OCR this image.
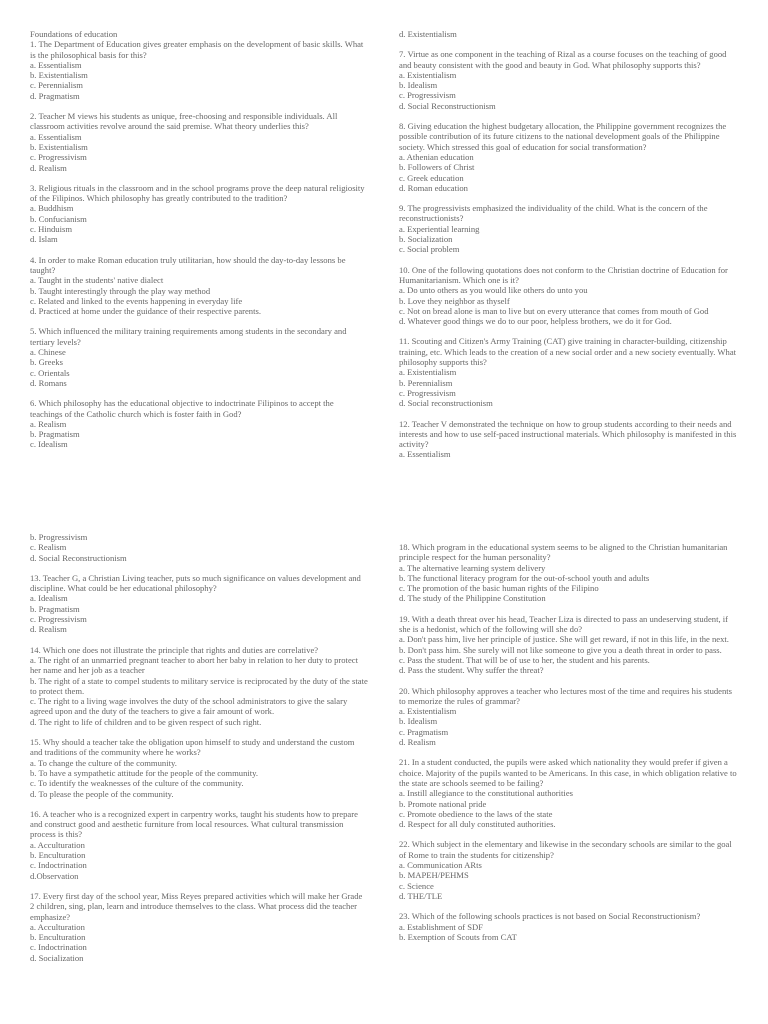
Foundations of education

1. The Department of Education gives greater emphasis on the development of basic skills. What is the philosophical basis for this?

a. Essentialism

b. Existentialism

c. Perennialism

d. Pragmatism

2. Teacher M views his students as unique, free-choosing and responsible individuals. All classroom activities revolve around the said premise. What theory underlies this?

a. Essentialism

b. Existentialism

c. Progressivism

d. Realism

3. Religious rituals in the classroom and in the school programs prove the deep natural religiosity of the Filipinos. Which philosophy has greatly contributed to the tradition?

a. Buddhism

b. Confucianism

c. Hinduism

d. Islam

4. In order to make Roman education truly utilitarian, how should the day-to-day lessons be taught?

a. Taught in the students' native dialect

b. Taught interestingly through the play way method

c. Related and linked to the events happening in everyday life

d. Practiced at home under the guidance of their respective parents.

5. Which influenced the military training requirements among students in the secondary and tertiary levels?

a. Chinese

b. Greeks

c. Orientals

d. Romans

6. Which philosophy has the educational objective to indoctrinate Filipinos to accept the teachings of the Catholic church which is foster faith in God?

a. Realism

b. Pragmatism

c. Idealism

d. Existentialism

7. Virtue as one component in the teaching of Rizal as a course focuses on the teaching of good and beauty consistent with the good and beauty in God. What philosophy supports this?

a. Existentialism

b. Idealism

c. Progressivism

d. Social Reconstructionism

8. Giving education the highest budgetary allocation, the Philippine government recognizes the possible contribution of its future citizens to the national development goals of the Philippine society. Which stressed this goal of education for social transformation?

a. Athenian education

b. Followers of Christ

c. Greek education

d. Roman education

9. The progressivists emphasized the individuality of the child. What is the concern of the reconstructionists?

a. Experiential learning

b. Socialization

c. Social problem

10. One of the following quotations does not conform to the Christian doctrine of Education for Humanitarianism. Which one is it?

a. Do unto others as you would like others do unto you

b. Love they neighbor as thyself

c. Not on bread alone is man to live but on every utterance that comes from mouth of God

d. Whatever good things we do to our poor, helpless brothers, we do it for God.

11. Scouting and Citizen's Army Training (CAT) give training in character-building, citizenship training, etc. Which leads to the creation of a new social order and a new society eventually. What philosophy supports this?

a. Existentialism

b. Perennialism

c. Progressivism

d. Social reconstructionism

12. Teacher V demonstrated the technique on how to group students according to their needs and interests and how to use self-paced instructional materials. Which philosophy is manifested in this activity?

a. Essentialism

b. Progressivism

c. Realism

d. Social Reconstructionism

13. Teacher G, a Christian Living teacher, puts so much significance on values development and discipline. What could be her educational philosophy?

a. Idealism

b. Pragmatism

c. Progressivism

d. Realism

14. Which one does not illustrate the principle that rights and duties are correlative?

a. The right of an unmarried pregnant teacher to abort her baby in relation to her duty to protect her name and her job as a teacher

b. The right of a state to compel students to military service is reciprocated by the duty of the state to protect them.

c. The right to a living wage involves the duty of the school administrators to give the salary agreed upon and the duty of the teachers to give a fair amount of work.

d. The right to life of children and to be given respect of such right.

15. Why should a teacher take the obligation upon himself to study and understand the custom and traditions of the community where he works?

a. To change the culture of the community.

b. To have a sympathetic attitude for the people of the community.

c. To identify the weaknesses of the culture of the community.

d. To please the people of the community.

16. A teacher who is a recognized expert in carpentry works, taught his students how to prepare and construct good and aesthetic furniture from local resources. What cultural transmission process is this?

a. Acculturation

b. Enculturation

c. Indoctrination

d.Observation

17. Every first day of the school year, Miss Reyes prepared activities which will make her Grade 2 children, sing, plan, learn and introduce themselves to the class. What process did the teacher emphasize?

a. Acculturation

b. Enculturation

c. Indoctrination

d. Socialization

18. Which program in the educational system seems to be aligned to the Christian humanitarian principle respect for the human personality?

a. The alternative learning system delivery

b. The functional literacy program for the out-of-school youth and adults

c. The promotion of the basic human rights of the Filipino

d. The study of the Philippine Constitution

19. With a death threat over his head, Teacher Liza is directed to pass an undeserving student, if she is a hedonist, which of the following will she do?

a. Don't pass him, live her principle of justice. She will get reward, if not in this life, in the next.

b. Don't pass him. She surely will not like someone to give you a death threat in order to pass.

c. Pass the student. That will be of use to her, the student and his parents.

d. Pass the student. Why suffer the threat?

20. Which philosophy approves a teacher who lectures most of the time and requires his students to memorize the rules of grammar?

a. Existentialism

b. Idealism

c. Pragmatism

d. Realism

21. In a student conducted, the pupils were asked which nationality they would prefer if given a choice. Majority of the pupils wanted to be Americans. In this case, in which obligation relative to the state are schools seemed to be failing?

a. Instill allegiance to the constitutional authorities

b. Promote national pride

c. Promote obedience to the laws of the state

d. Respect for all duly constituted authorities.

22. Which subject in the elementary and likewise in the secondary schools are similar to the goal of Rome to train the students for citizenship?

a. Communication ARts

b. MAPEH/PEHMS

c. Science

d. THE/TLE

23. Which of the following schools practices is not based on Social Reconstructionism?

a. Establishment of SDF

b. Exemption of Scouts from CAT
